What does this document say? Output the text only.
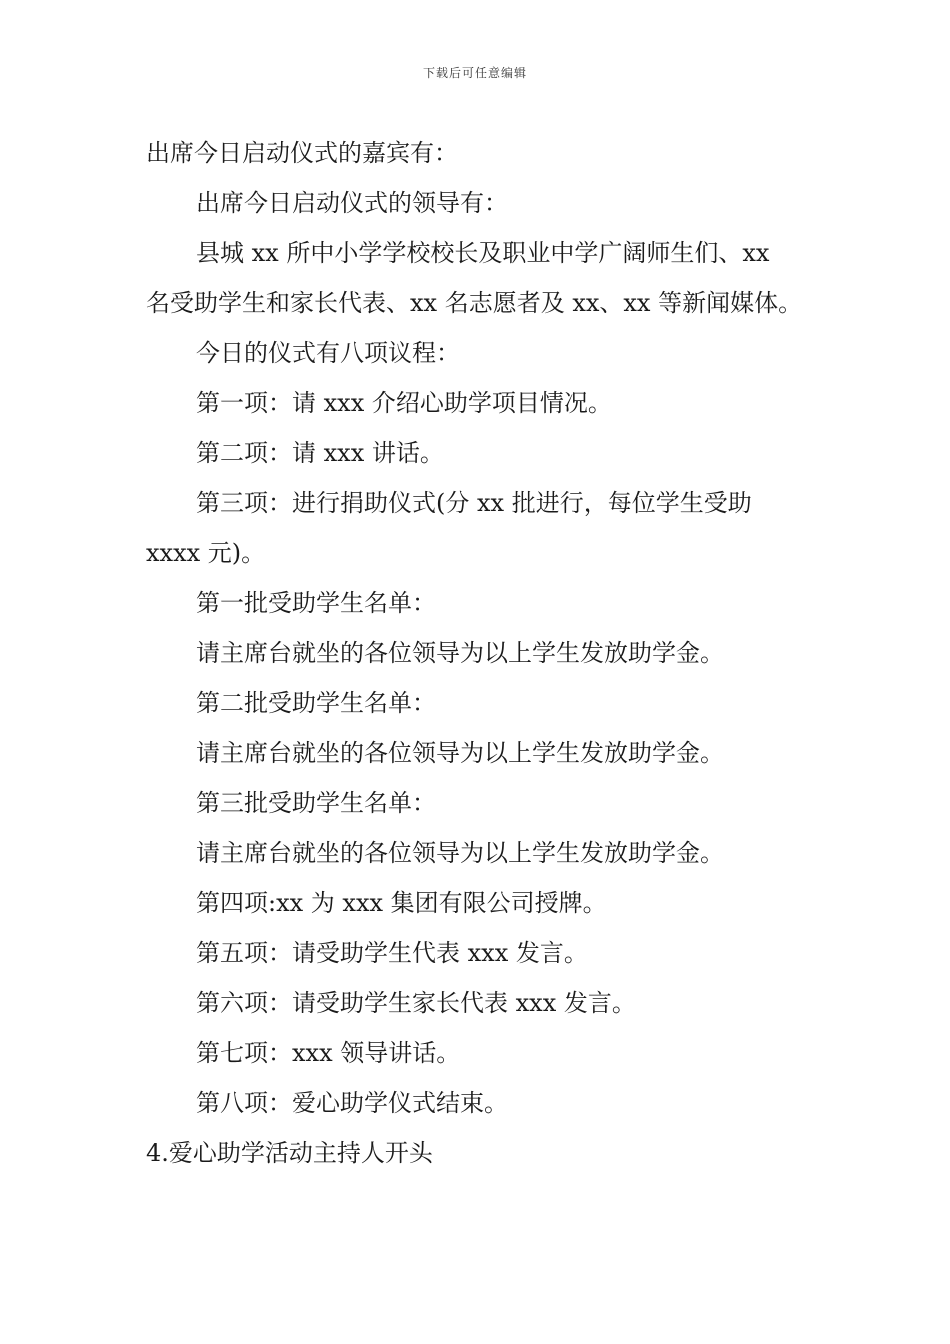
下载后可任意编辑

出席今日启动仪式的嘉宾有：

出席今日启动仪式的领导有：

县城 xx 所中小学学校校长及职业中学广阔师生们、xx

名受助学生和家长代表、xx 名志愿者及 xx、xx 等新闻媒体。

今日的仪式有八项议程：

第一项：请 xxx 介绍心助学项目情况。

第二项：请 xxx 讲话。

第三项：进行捐助仪式(分 xx 批进行，每位学生受助

xxxx 元)。

第一批受助学生名单：

请主席台就坐的各位领导为以上学生发放助学金。

第二批受助学生名单：

请主席台就坐的各位领导为以上学生发放助学金。

第三批受助学生名单：

请主席台就坐的各位领导为以上学生发放助学金。

第四项:xx 为 xxx 集团有限公司授牌。

第五项：请受助学生代表 xxx 发言。

第六项：请受助学生家长代表 xxx 发言。

第七项：xxx 领导讲话。

第八项：爱心助学仪式结束。

4.爱心助学活动主持人开头
